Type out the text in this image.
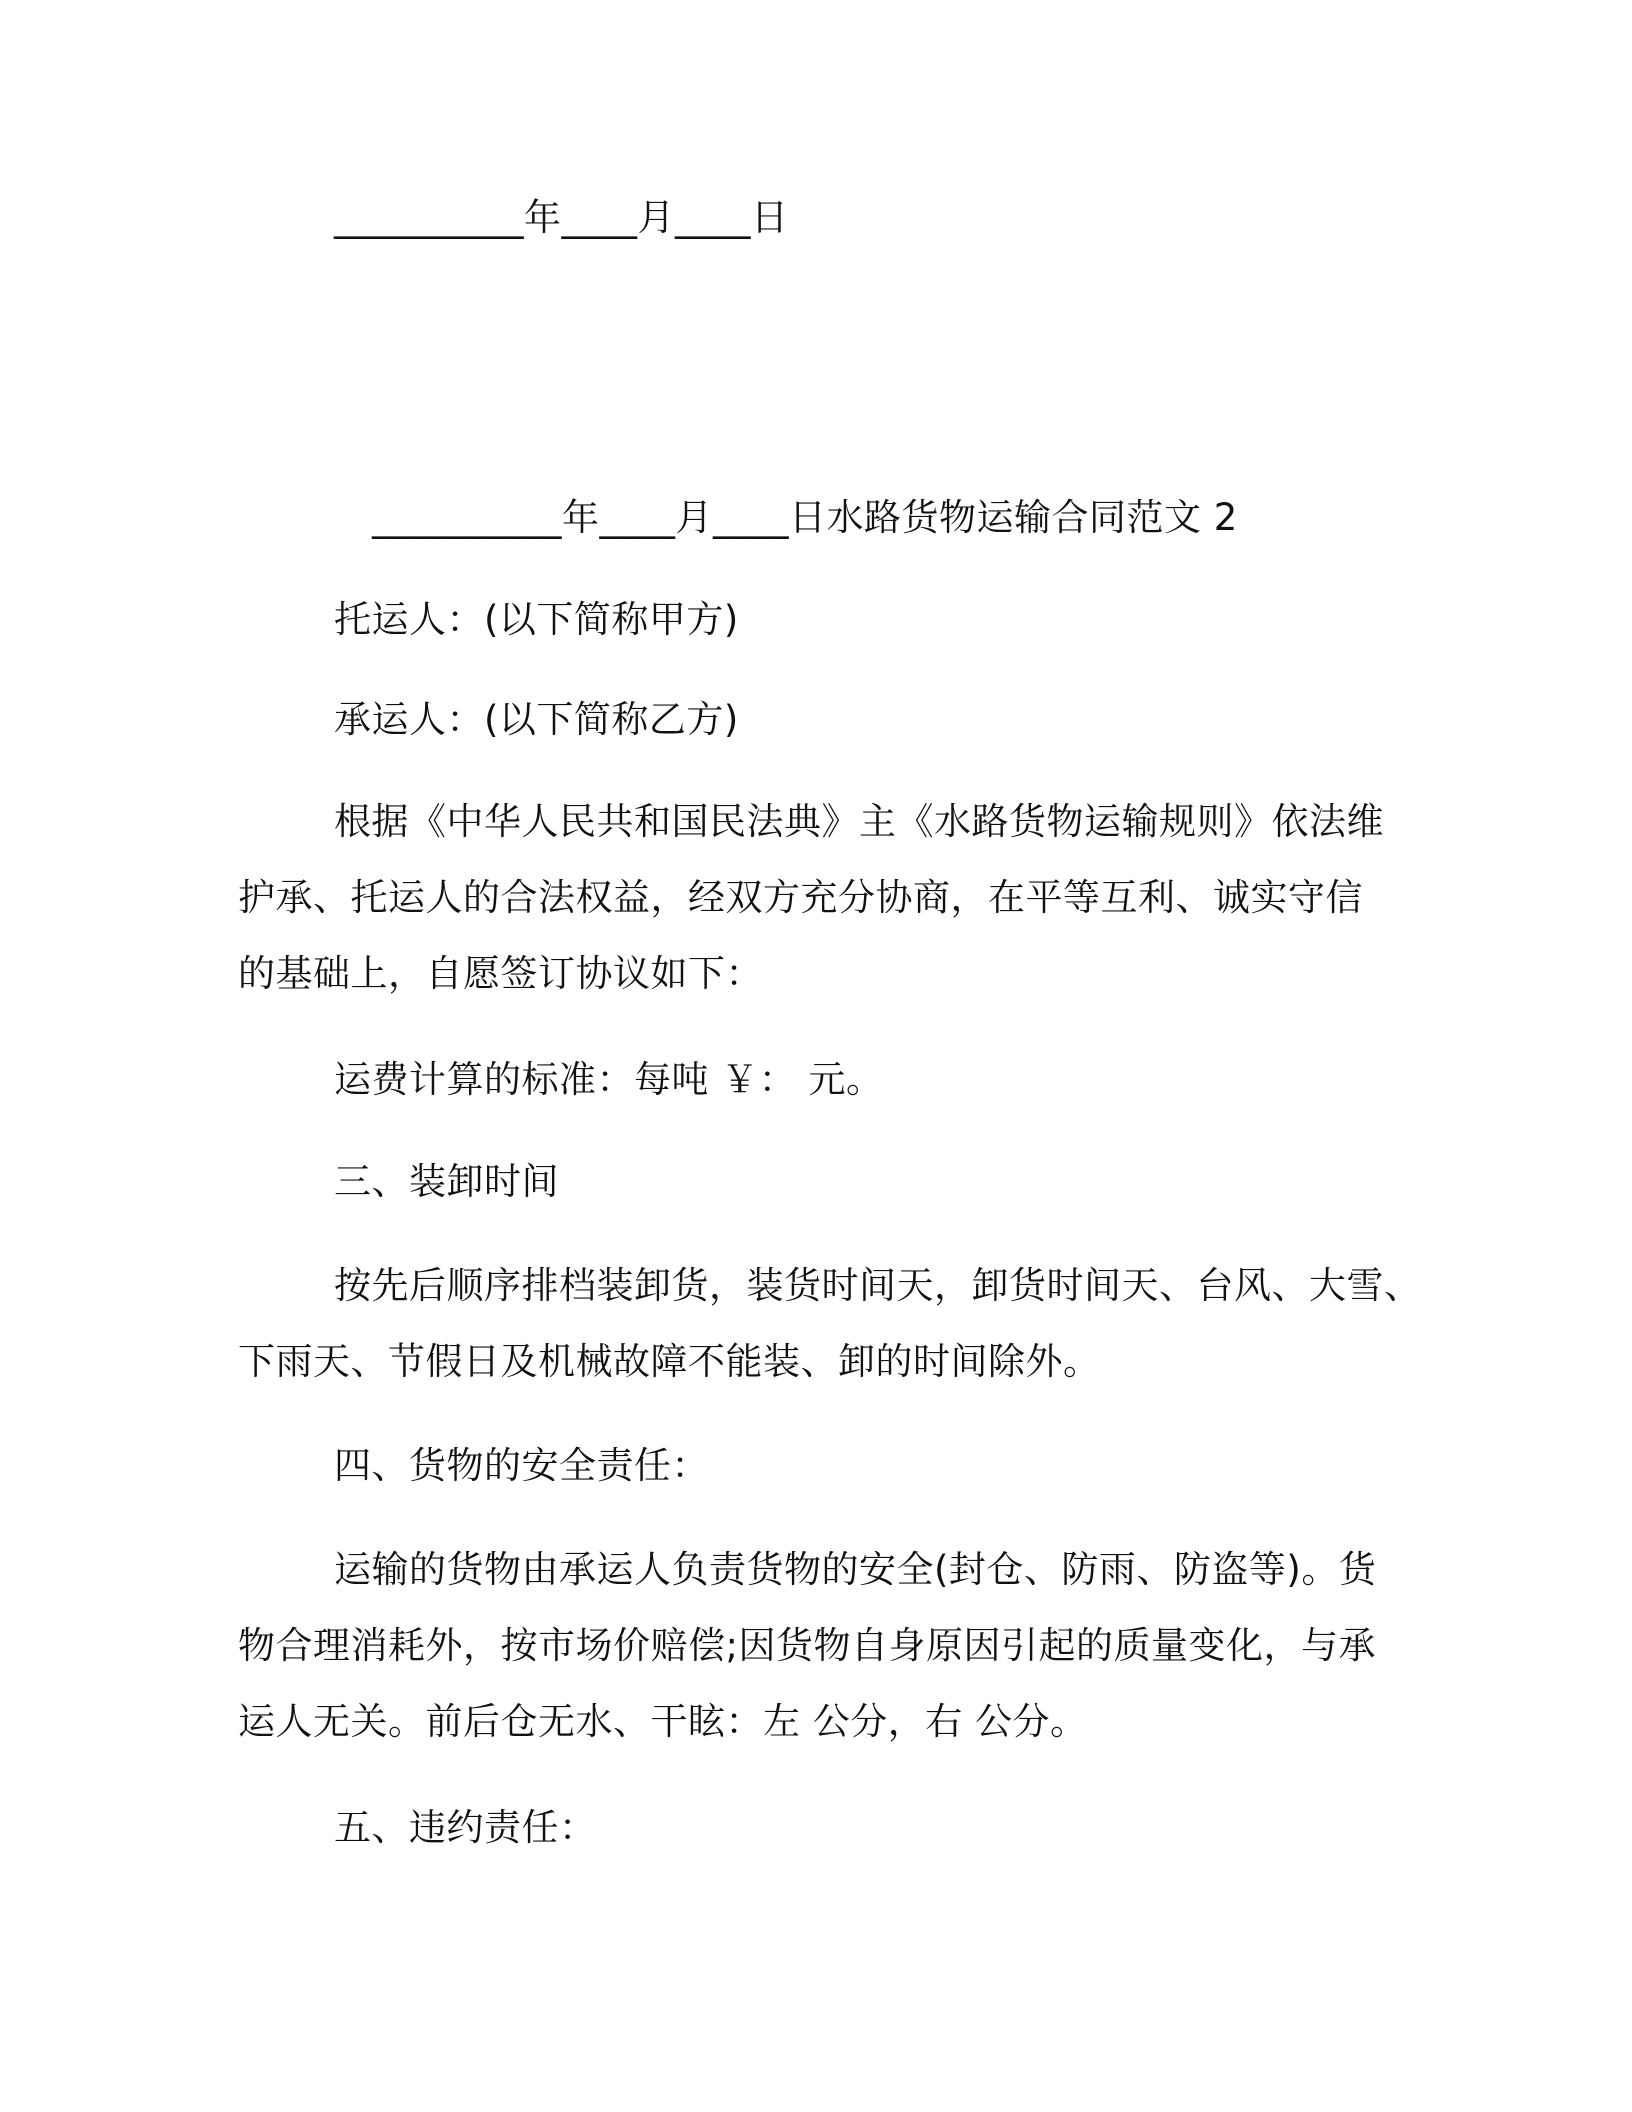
__________年____月____日
__________年____月____日水路货物运输合同范文 2
托运人：(以下简称甲方)
承运人：(以下简称乙方)
根据《中华人民共和国民法典》主《水路货物运输规则》依法维
护承、托运人的合法权益，经双方充分协商，在平等互利、诚实守信
的基础上，自愿签订协议如下：
运费计算的标准：每吨 ￥： 元。
三、装卸时间
按先后顺序排档装卸货，装货时间天，卸货时间天、台风、大雪、
下雨天、节假日及机械故障不能装、卸的时间除外。
四、货物的安全责任：
运输的货物由承运人负责货物的安全(封仓、防雨、防盗等)。货
物合理消耗外，按市场价赔偿;因货物自身原因引起的质量变化，与承
运人无关。前后仓无水、干眩：左 公分，右 公分。
五、违约责任：
